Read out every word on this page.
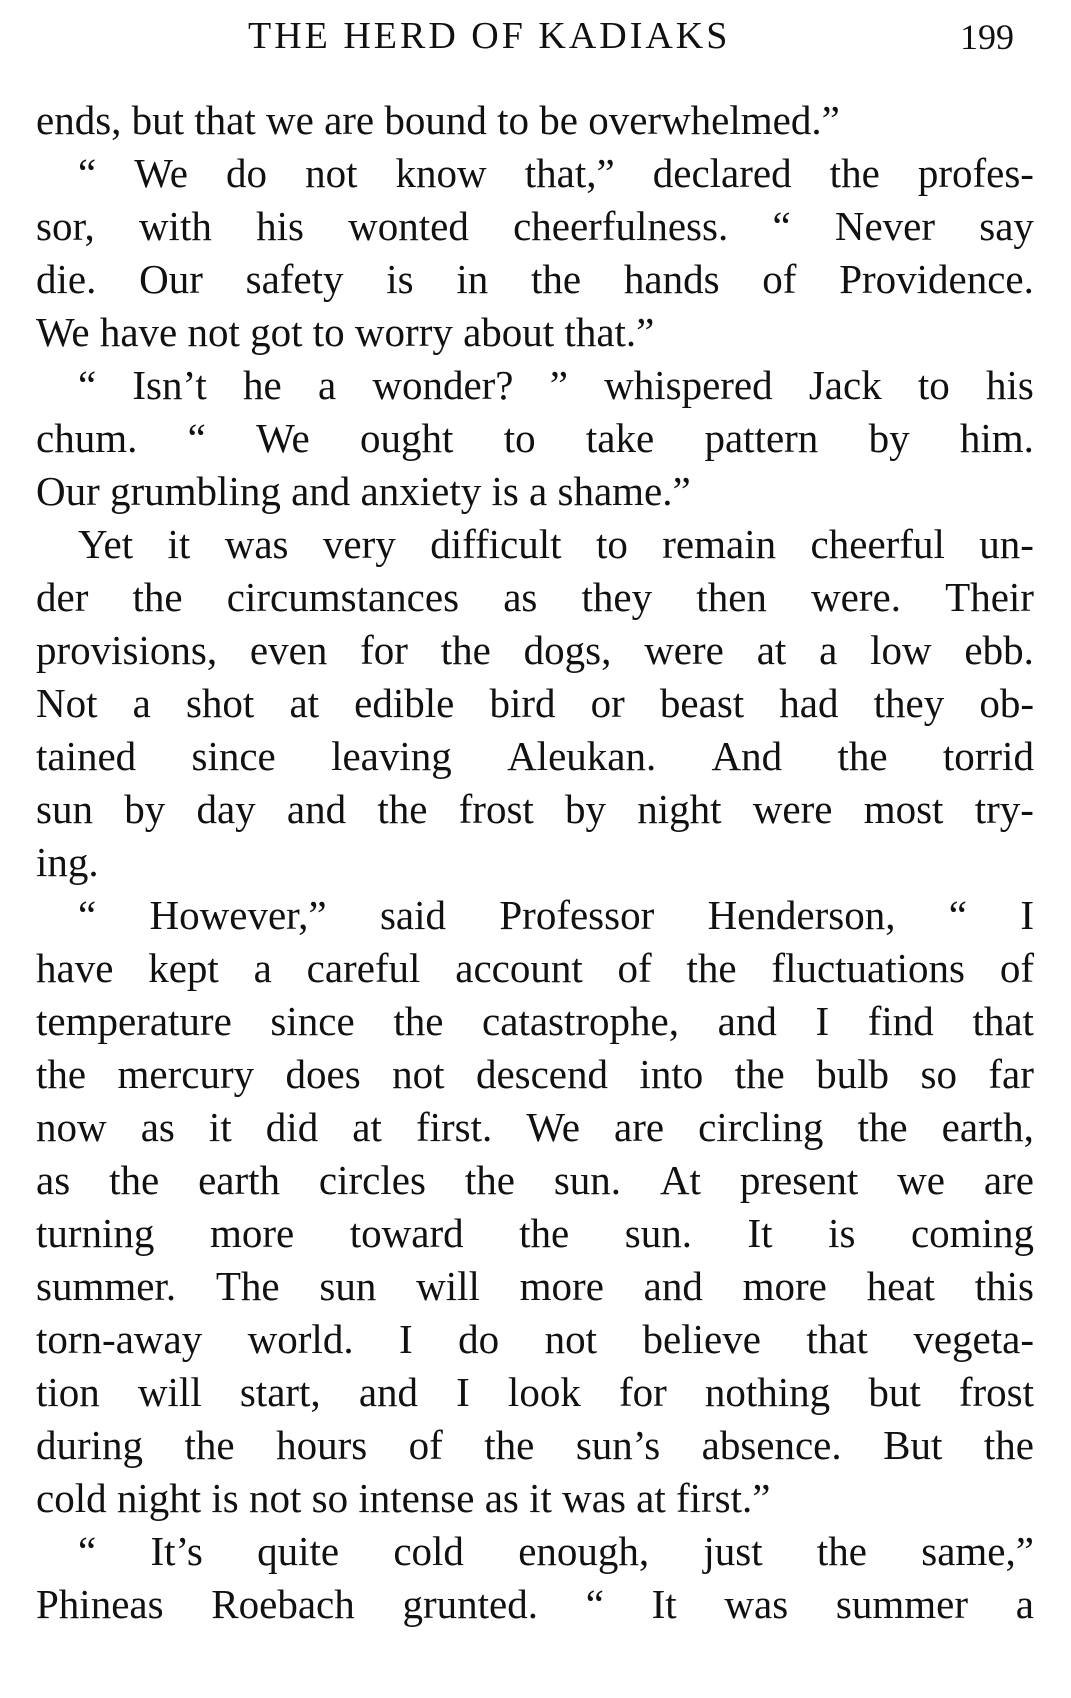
THE HERD OF KADIAKS	199
ends, but that we are bound to be overwhelmed.”
“ We do not know that,” declared the profes-
sor, with his wonted cheerfulness. “ Never say
die. Our safety is in the hands of Providence.
We have not got to worry about that.”
“ Isn’t he a wonder? ” whispered Jack to his
chum. “ We ought to take pattern by him.
Our grumbling and anxiety is a shame.”
Yet it was very difficult to remain cheerful un-
der the circumstances as they then were. Their
provisions, even for the dogs, were at a low ebb.
Not a shot at edible bird or beast had they ob-
tained since leaving Aleukan. And the torrid
sun by day and the frost by night were most try-
ing.
“ However,” said Professor Henderson, “ I
have kept a careful account of the fluctuations of
temperature since the catastrophe, and I find that
the mercury does not descend into the bulb so far
now as it did at first. We are circling the earth,
as the earth circles the sun. At present we are
turning more toward the sun. It is coming
summer. The sun will more and more heat this
torn-away world. I do not believe that vegeta-
tion will start, and I look for nothing but frost
during the hours of the sun’s absence. But the
cold night is not so intense as it was at first.”
“ It’s quite cold enough, just the same,”
Phineas Roebach grunted. “ It was summer a
